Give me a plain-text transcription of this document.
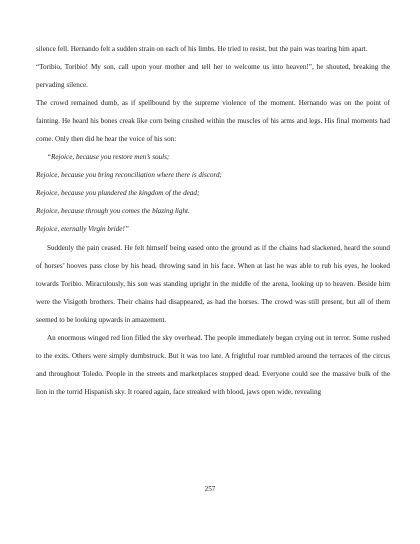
silence fell. Hernando felt a sudden strain on each of his limbs. He tried to resist, but the pain was tearing him apart.

“Toribio, Toribio! My son, call upon your mother and tell her to welcome us into heaven!”, he shouted, breaking the pervading silence.

The crowd remained dumb, as if spellbound by the supreme violence of the moment. Hernando was on the point of fainting. He heard his bones creak like corn being crushed within the muscles of his arms and legs. His final moments had come. Only then did he hear the voice of his son:

“Rejoice, because you restore men’s souls;

Rejoice, because you bring reconciliation where there is discord;

Rejoice, because you plundered the kingdom of the dead;

Rejoice, because through you comes the blazing light.

Rejoice, eternally Virgin bride!”

Suddenly the pain ceased. He felt himself being eased onto the ground as if the chains had slackened, heard the sound of horses’ hooves pass close by his head, throwing sand in his face. When at last he was able to rub his eyes, he looked towards Toribio. Miraculously, his son was standing upright in the middle of the arena, looking up to heaven. Beside him were the Visigoth brothers. Their chains had disappeared, as had the horses. The crowd was still present, but all of them seemed to be looking upwards in amazement.

An enormous winged red lion filled the sky overhead. The people immediately began crying out in terror. Some rushed to the exits. Others were simply dumbstruck. But it was too late. A frightful roar rumbled around the terraces of the circus and throughout Toledo. People in the streets and marketplaces stopped dead. Everyone could see the massive bulk of the lion in the torrid Hispanish sky. It roared again, face streaked with blood, jaws open wide, revealing

257
